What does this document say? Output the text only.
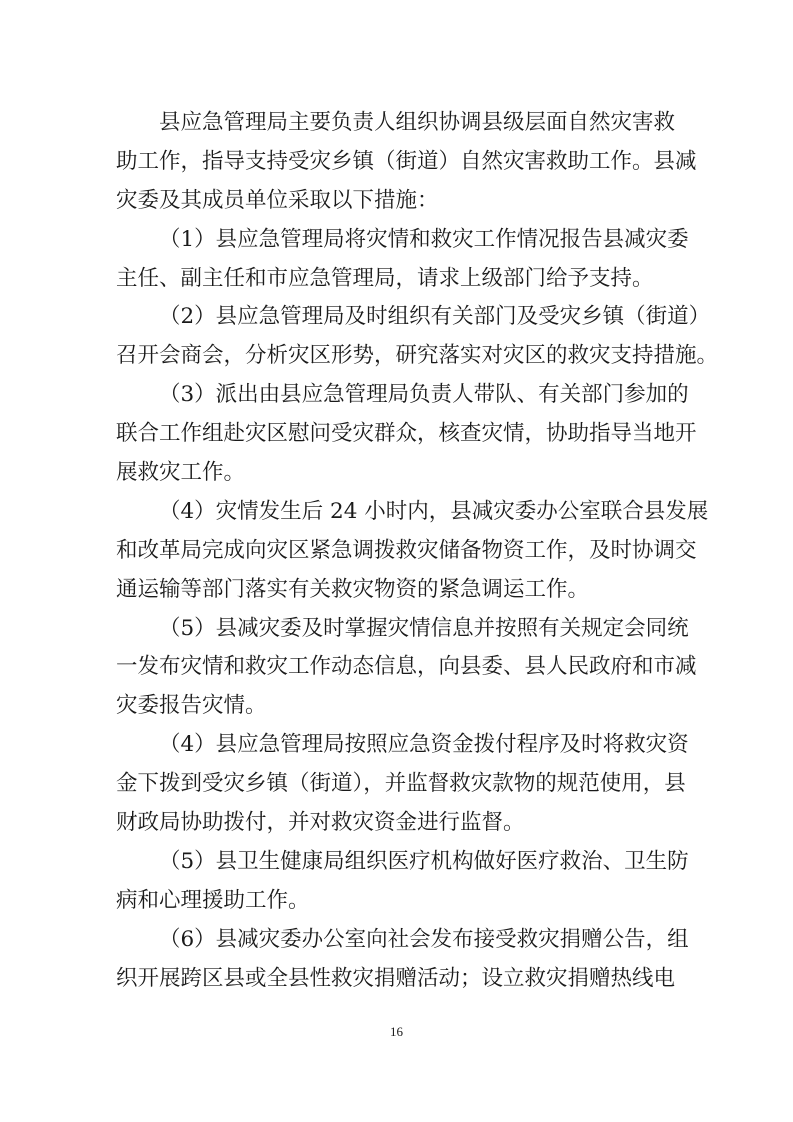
县应急管理局主要负责人组织协调县级层面自然灾害救
助工作，指导支持受灾乡镇（街道）自然灾害救助工作。县减
灾委及其成员单位采取以下措施：
（1）县应急管理局将灾情和救灾工作情况报告县减灾委
主任、副主任和市应急管理局，请求上级部门给予支持。
（2）县应急管理局及时组织有关部门及受灾乡镇（街道）
召开会商会，分析灾区形势，研究落实对灾区的救灾支持措施。
（3）派出由县应急管理局负责人带队、有关部门参加的
联合工作组赴灾区慰问受灾群众，核查灾情，协助指导当地开
展救灾工作。
（4）灾情发生后 24 小时内，县减灾委办公室联合县发展
和改革局完成向灾区紧急调拨救灾储备物资工作，及时协调交
通运输等部门落实有关救灾物资的紧急调运工作。
（5）县减灾委及时掌握灾情信息并按照有关规定会同统
一发布灾情和救灾工作动态信息，向县委、县人民政府和市减
灾委报告灾情。
（4）县应急管理局按照应急资金拨付程序及时将救灾资
金下拨到受灾乡镇（街道），并监督救灾款物的规范使用，县
财政局协助拨付，并对救灾资金进行监督。
（5）县卫生健康局组织医疗机构做好医疗救治、卫生防
病和心理援助工作。
（6）县减灾委办公室向社会发布接受救灾捐赠公告，组
织开展跨区县或全县性救灾捐赠活动；设立救灾捐赠热线电
16
